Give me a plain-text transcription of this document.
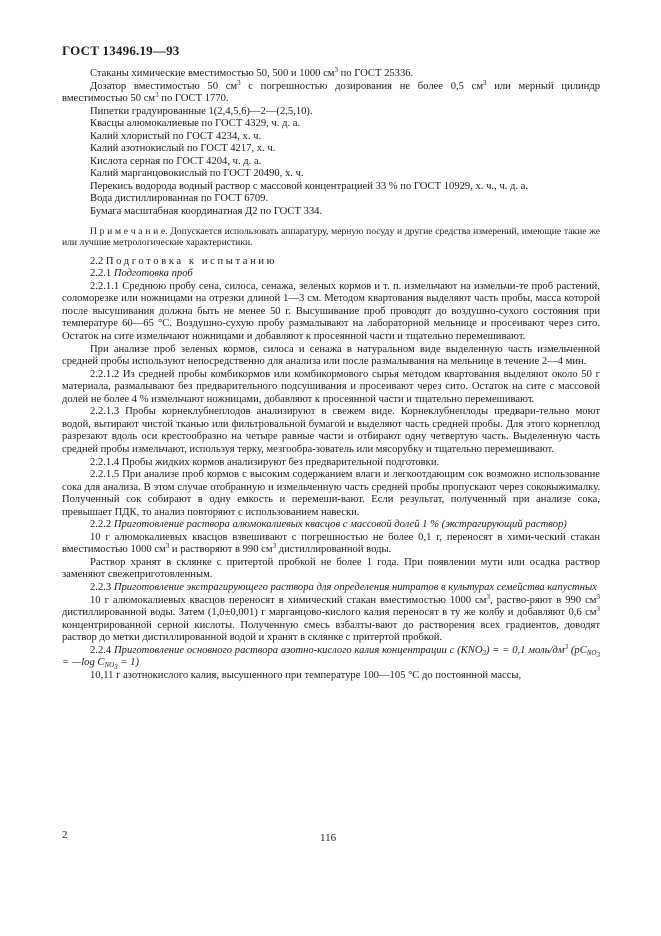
ГОСТ 13496.19—93

Стаканы химические вместимостью 50, 500 и 1000 $см^3$ по ГОСТ 25336.

Дозатор вместимостью 50 $см^3$ с погрешностью дозирования не более 0,5 $см^3$ или мерный цилиндр вместимостью 50 $см^3$ по ГОСТ 1770.

Пипетки градуированные 1(2,4,5,6)—2—(2,5,10).

Квасцы алюмокалиевые по ГОСТ 4329, ч. д. а.

Калий хлористый по ГОСТ 4234, х. ч.

Калий азотнокислый по ГОСТ 4217, х. ч.

Кислота серная по ГОСТ 4204, ч. д. а.

Калий марганцовокислый по ГОСТ 20490, х. ч.

Перекись водорода водный раствор с массовой концентрацией 33 % по ГОСТ 10929, х. ч., ч. д. а.

Вода дистиллированная по ГОСТ 6709.

Бумага масштабная координатная Д2 по ГОСТ 334.

П р и м е ч а н и е. Допускается использовать аппаратуру, мерную посуду и другие средства измерений, имеющие такие же или лучшие метрологические характеристики.

2.2 Подготовка к испытанию

2.2.1 Подготовка проб

2.2.1.1 Среднюю пробу сена, силоса, сенажа, зеленых кормов и т. п. измельчают на измельчи-те проб растений, соломорезке или ножницами на отрезки длиной 1—3 см. Методом квартования выделяют часть пробы, масса которой после высушивания должна быть не менее 50 г. Высушивание проб проводят до воздушно-сухого состояния при температуре 60—65 °С. Воздушно-сухую пробу размалывают на лабораторной мельнице и просеивают через сито. Остаток на сите измельчают ножницами и добавляют к просеянной части и тщательно перемешивают.

При анализе проб зеленых кормов, силоса и сенажа в натуральном виде выделенную часть измельченной средней пробы используют непосредственно для анализа или после размалывания на мельнице в течение 2—4 мин.

2.2.1.2 Из средней пробы комбикормов или комбикормового сырья методом квартования выделяют около 50 г материала, размалывают без предварительного подсушивания и просеивают через сито. Остаток на сите с массовой долей не более 4 % измельчают ножницами, добавляют к просеянной части и тщательно перемешивают.

2.2.1.3 Пробы корнеклубнеплодов анализируют в свежем виде. Корнеклубнеплоды предвари-тельно моют водой, вытирают чистой тканью или фильтровальной бумагой и выделяют часть средней пробы. Для этого корнеплод разрезают вдоль оси крестообразно на четыре равные части и отбирают одну четвертую часть. Выделенную часть средней пробы измельчают, используя терку, мезгообра-зователь или мясорубку и тщательно перемешивают.

2.2.1.4 Пробы жидких кормов анализируют без предварительной подготовки.

2.2.1.5 При анализе проб кормов с высоким содержанием влаги и легкоотдающим сок возможно использование сока для анализа. В этом случае отобранную и измельченную часть средней пробы пропускают через соковыжималку. Полученный сок собирают в одну емкость и перемеши-вают. Если результат, полученный при анализе сока, превышает ПДК, то анализ повторяют с использованием навески.

2.2.2 Приготовление раствора алюмокалиевых квасцов с массовой долей 1 % (экстрагирующий раствор)

10 г алюмокалиевых квасцов взвешивают с погрешностью не более 0,1 г, переносят в хими-ческий стакан вместимостью 1000 $см^3$ и растворяют в 990 $см^3$ дистиллированной воды.

Раствор хранят в склянке с притертой пробкой не более 1 года. При появлении мути или осадка раствор заменяют свежеприготовленным.

2.2.3 Приготовление экстрагирующего раствора для определения нитратов в культурах семейства капустных

10 г алюмокалиевых квасцов переносят в химический стакан вместимостью 1000 $см^3$, раство-ряют в 990 $см^3$ дистиллированной воды. Затем (1,0±0,001) г марганцово-кислого калия переносят в ту же колбу и добавляют 0,6 $см^3$ концентрированной серной кислоты. Полученную смесь взбалты-вают до растворения всех градиентов, доводят раствор до метки дистиллированной водой и хранят в склянке с притертой пробкой.

2.2.4 Приготовление основного раствора азотно-кислого калия концентрации с $(KNO_3)$ = = 0,1 моль/$дм^3$ ($pC_{NO_3}$ = —log $C_{NO_3} = 1$)

10,11 г азотнокислого калия, высушенного при температуре 100—105 °С до постоянной массы,

2	116
